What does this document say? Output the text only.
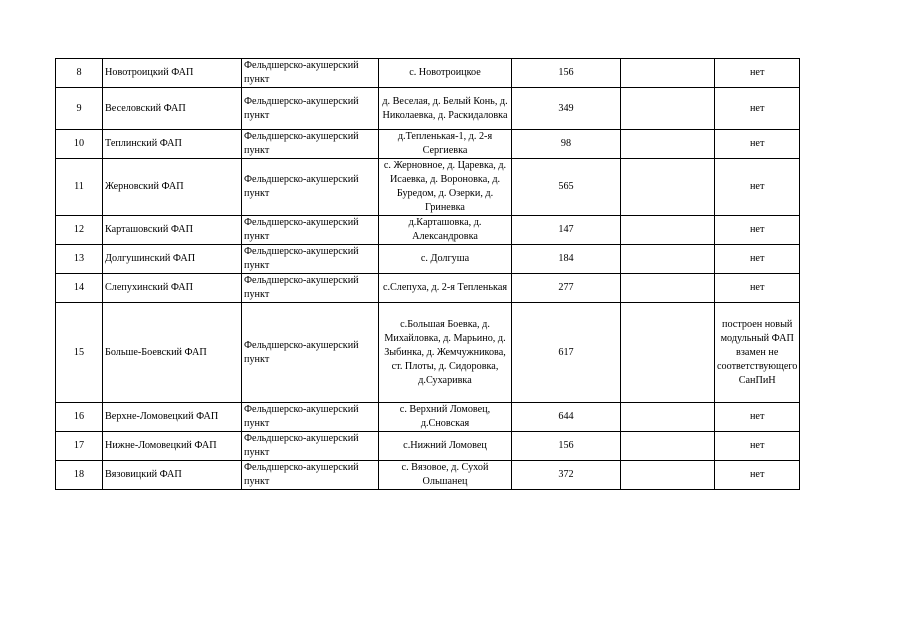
8	Новотроицкий ФАП	Фельдшерско-акушерский пункт	с. Новотроицкое	156		нет
9	Веселовский ФАП	Фельдшерско-акушерский пункт	д. Веселая, д. Белый Конь, д. Николаевка, д. Раскидаловка	349		нет
10	Теплинский ФАП	Фельдшерско-акушерский пункт	д.Тепленькая-1, д. 2-я Сергиевка	98		нет
11	Жерновский ФАП	Фельдшерско-акушерский пункт	с. Жерновное, д. Царевка, д. Исаевка, д. Вороновка, д. Буредом, д. Озерки, д. Гриневка	565		нет
12	Карташовский ФАП	Фельдшерско-акушерский пункт	д.Карташовка, д. Александровка	147		нет
13	Долгушинский ФАП	Фельдшерско-акушерский пункт	с. Долгуша	184		нет
14	Слепухинский ФАП	Фельдшерско-акушерский пункт	с.Слепуха, д. 2-я Тепленькая	277		нет
15	Больше-Боевский ФАП	Фельдшерско-акушерский пункт	с.Большая Боевка, д. Михайловка, д. Марьино, д. Зыбинка, д. Жемчужникова, ст. Плоты, д. Сидоровка, д.Сухаривка	617		построен новый модульный ФАП взамен не соответствующего СанПиН
16	Верхне-Ломовецкий ФАП	Фельдшерско-акушерский пункт	с. Верхний Ломовец, д.Сновская	644		нет
17	Нижне-Ломовецкий ФАП	Фельдшерско-акушерский пункт	с.Нижний Ломовец	156		нет
18	Вязовицкий ФАП	Фельдшерско-акушерский пункт	с. Вязовое, д. Сухой Ольшанец	372		нет
